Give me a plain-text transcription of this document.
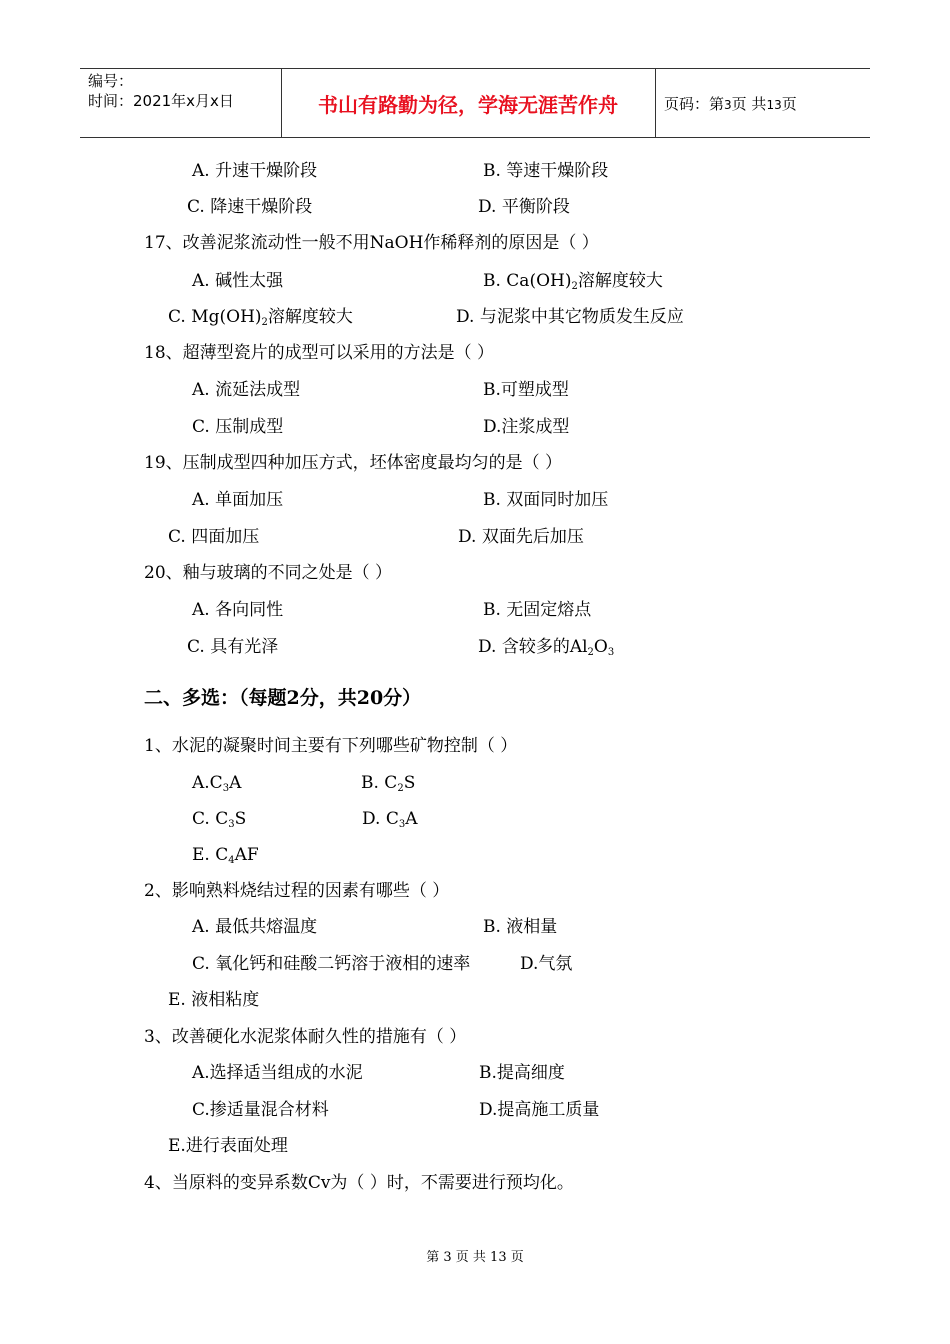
编号：
时间：2021年x月x日	书山有路勤为径，学海无涯苦作舟	页码：第3页 共13页
A. 升速干燥阶段	B. 等速干燥阶段
C. 降速干燥阶段	D. 平衡阶段
17、改善泥浆流动性一般不用NaOH作稀释剂的原因是（ ）
A. 碱性太强	B. $Ca(OH)_2$溶解度较大
C. $Mg(OH)_2$溶解度较大	D. 与泥浆中其它物质发生反应
18、超薄型瓷片的成型可以采用的方法是（ ）
A. 流延法成型	B.可塑成型
C. 压制成型	D.注浆成型
19、压制成型四种加压方式，坯体密度最均匀的是（ ）
A. 单面加压	B. 双面同时加压
C. 四面加压	D. 双面先后加压
20、釉与玻璃的不同之处是（ ）
A. 各向同性	B. 无固定熔点
C. 具有光泽	D. 含较多的$Al_2O_3$
二、多选：（每题2分，共20分）
1、水泥的凝聚时间主要有下列哪些矿物控制（ ）
$A.C_3A$	B. $C_2S$
C. $C_3S$	D. $C_3A$
E. $C_4AF$
2、影响熟料烧结过程的因素有哪些（ ）
A. 最低共熔温度	B. 液相量
C. 氧化钙和硅酸二钙溶于液相的速率	D.气氛
E. 液相粘度
3、改善硬化水泥浆体耐久性的措施有（ ）
A.选择适当组成的水泥	B.提高细度
C.掺适量混合材料	D.提高施工质量
E.进行表面处理
4、当原料的变异系数Cv为（ ）时，不需要进行预均化。
第 3 页 共 13 页
